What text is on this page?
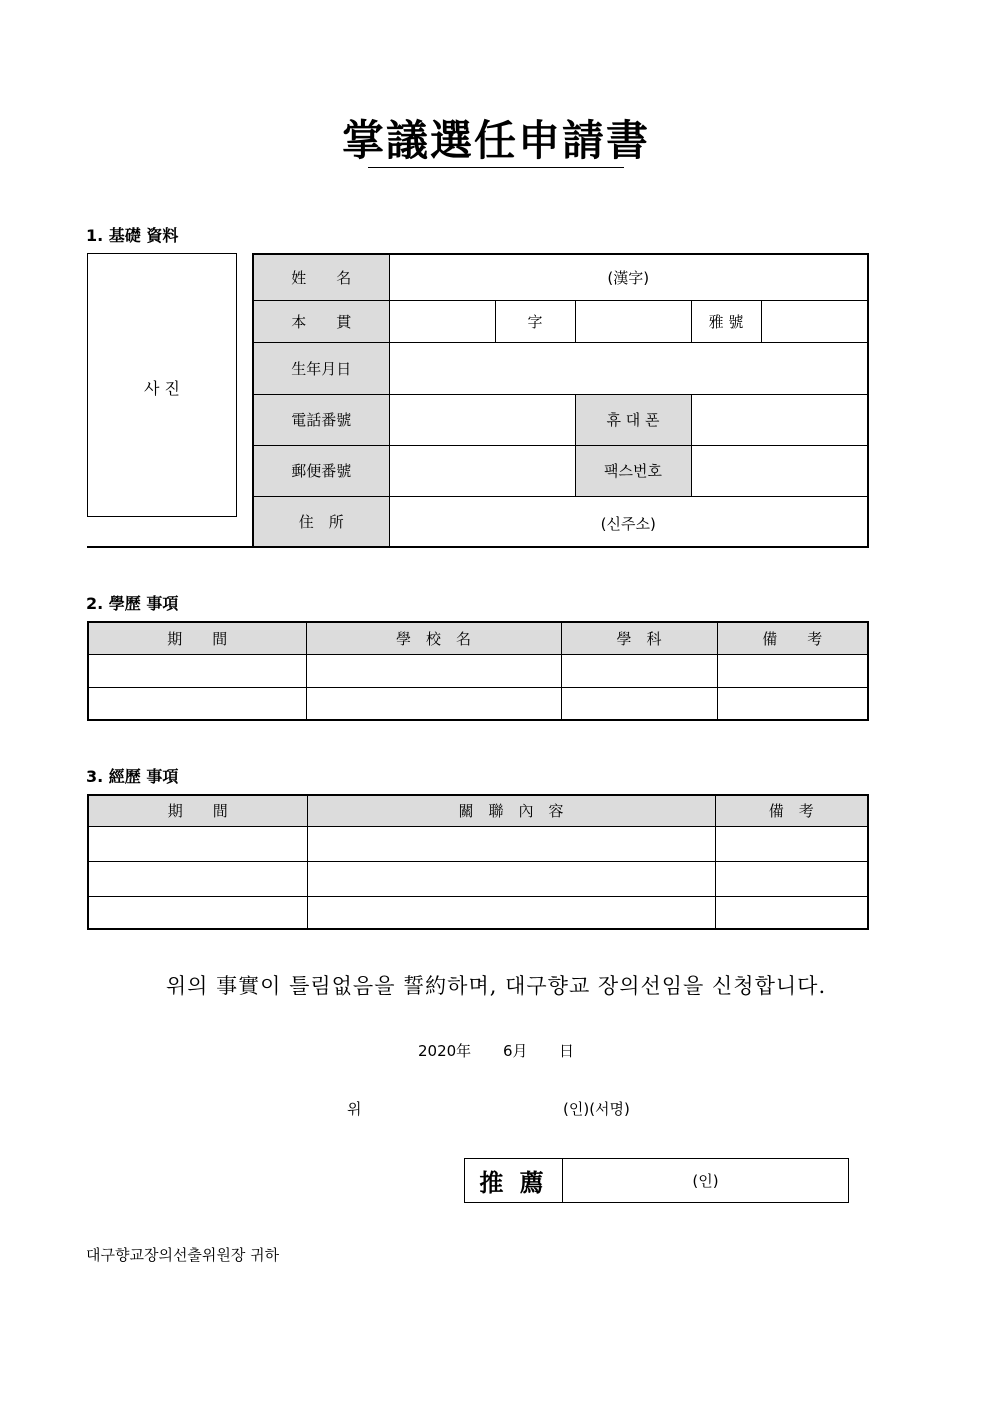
掌議選任申請書
1. 基礎 資料
사 진
姓　　名	(漢字)				
本　　貫		字		雅 號	
生年月日					
電話番號			휴 대 폰		
郵便番號			팩스번호		
住　所	(신주소)				
2. 學歷 事項
期　　間	學　校　名	學　科	備　　考

3. 經歷 事項
期　　間	關　聯　內　容	備　考

위의 事實이 틀림없음을 誓約하며, 대구향교 장의선임을 신청합니다.
2020年 6月 日
위	(인)(서명)
推 薦	(인)
대구향교장의선출위원장 귀하
